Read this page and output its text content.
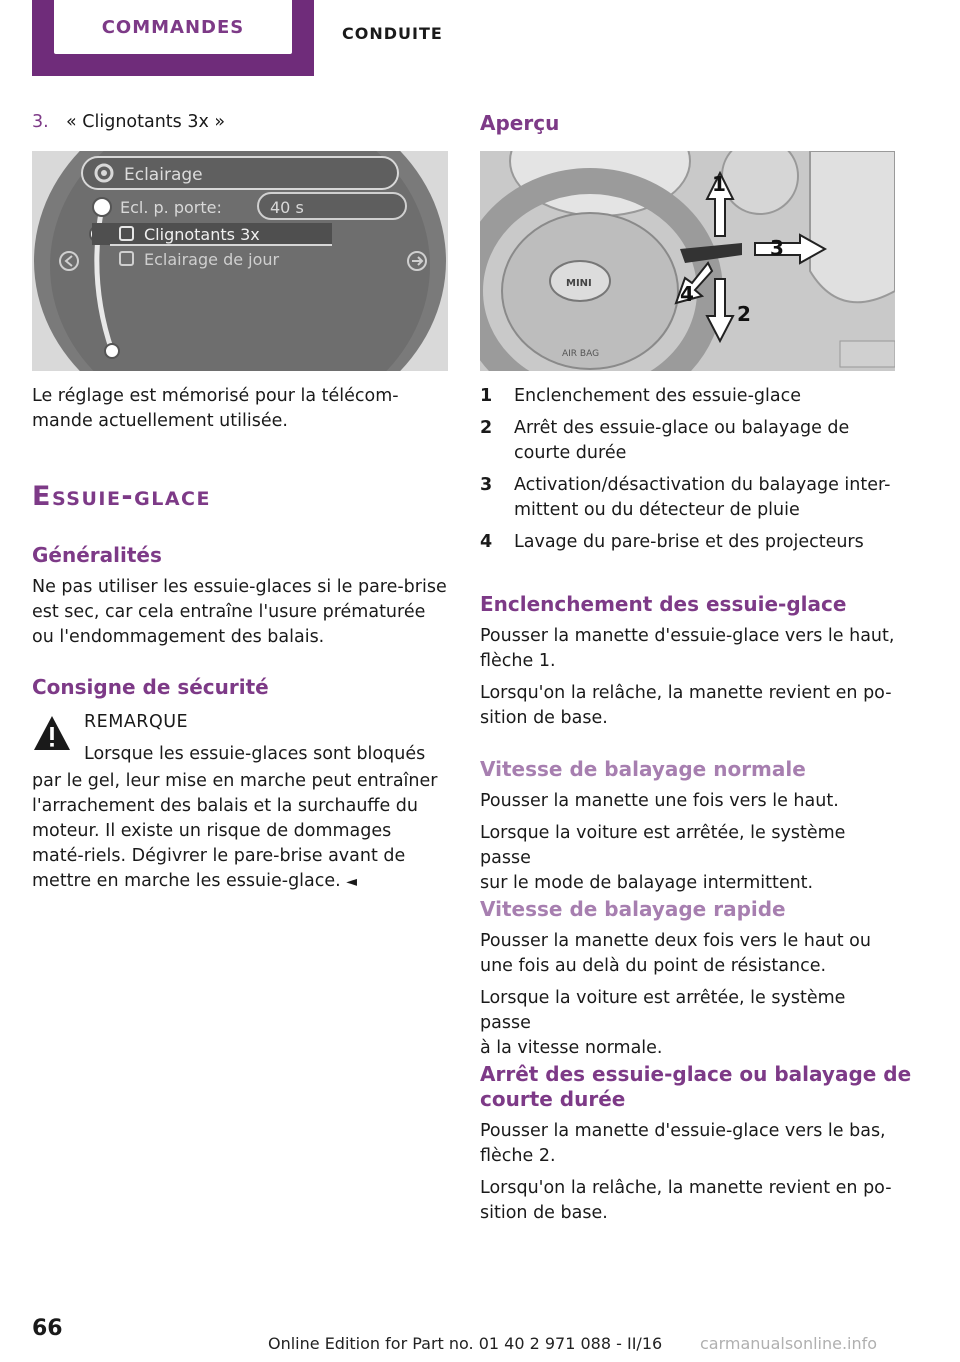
COMMANDES	CONDUITE
3. « Clignotants 3x »
Eclairage
40 s
Ecl. p. porte:
Clignotants 3x
Eclairage de jour

Le réglage est mémorisé pour la télécom-
mande actuellement utilisée.

Essuie-glace
Généralités

Ne pas utiliser les essuie-glaces si le pare-brise est sec, car cela entraîne l'usure prématurée ou l'endommagement des balais.

Consigne de sécurité
REMARQUE
Lorsque les essuie-glaces sont bloqués

par le gel, leur mise en marche peut entraîner l'arrachement des balais et la surchauffe du moteur. Il existe un risque de dommages maté-riels. Dégivrer le pare-brise avant de mettre en marche les essuie-glace. ◄

Aperçu
MINI
AIR BAG
1
2
3
4
1 Enclenchement des essuie-glace
2 Arrêt des essuie-glace ou balayage de
courte durée
3 Activation/désactivation du balayage inter-
mittent ou du détecteur de pluie
4 Lavage du pare-brise et des projecteurs
Enclenchement des essuie-glace

Pousser la manette d'essuie-glace vers le haut,
flèche 1.

Lorsqu'on la relâche, la manette revient en po-
sition de base.

Vitesse de balayage normale

Pousser la manette une fois vers le haut.

Lorsque la voiture est arrêtée, le système passe
sur le mode de balayage intermittent.

Vitesse de balayage rapide

Pousser la manette deux fois vers le haut ou
une fois au delà du point de résistance.

Lorsque la voiture est arrêtée, le système passe
à la vitesse normale.

Arrêt des essuie-glace ou balayage de
courte durée

Pousser la manette d'essuie-glace vers le bas,
flèche 2.

Lorsqu'on la relâche, la manette revient en po-
sition de base.

66
Online Edition for Part no. 01 40 2 971 088 - II/16 carmanualsonline.info
